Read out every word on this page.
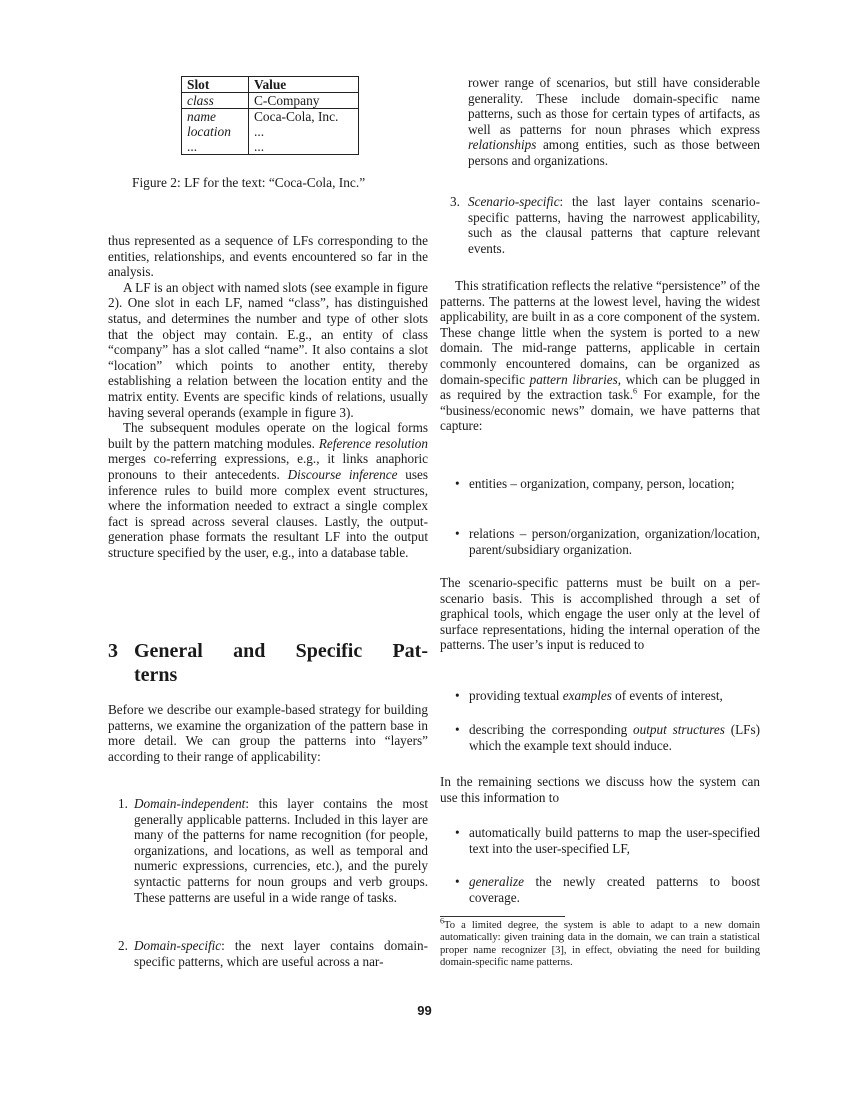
Slot	Value
class	C-Company
name	Coca-Cola, Inc.
location	...
...	...
Figure 2: LF for the text: “Coca-Cola, Inc.”

thus represented as a sequence of LFs corresponding to the entities, relationships, and events encountered so far in the analysis.

A LF is an object with named slots (see example in figure 2). One slot in each LF, named “class”, has distinguished status, and determines the number and type of other slots that the object may contain. E.g., an entity of class “company” has a slot called “name”. It also contains a slot “location” which points to another entity, thereby establishing a relation between the location entity and the matrix entity. Events are specific kinds of relations, usually having several operands (example in figure 3).

The subsequent modules operate on the logical forms built by the pattern matching modules. Reference resolution merges co-referring expressions, e.g., it links anaphoric pronouns to their antecedents. Discourse inference uses inference rules to build more complex event structures, where the information needed to extract a single complex fact is spread across several clauses. Lastly, the output-generation phase formats the resultant LF into the output structure specified by the user, e.g., into a database table.

3 General and Specific Pat-
terns

Before we describe our example-based strategy for building patterns, we examine the organization of the pattern base in more detail. We can group the patterns into “layers” according to their range of applicability:

1. Domain-independent: this layer contains the most generally applicable patterns. Included in this layer are many of the patterns for name recognition (for people, organizations, and locations, as well as temporal and numeric expressions, currencies, etc.), and the purely syntactic patterns for noun groups and verb groups. These patterns are useful in a wide range of tasks.
2. Domain-specific: the next layer contains domain-specific patterns, which are useful across a nar-
rower range of scenarios, but still have considerable generality. These include domain-specific name patterns, such as those for certain types of artifacts, as well as patterns for noun phrases which express relationships among entities, such as those between persons and organizations.
3. Scenario-specific: the last layer contains scenario-specific patterns, having the narrowest applicability, such as the clausal patterns that capture relevant events.

This stratification reflects the relative “persistence” of the patterns. The patterns at the lowest level, having the widest applicability, are built in as a core component of the system. These change little when the system is ported to a new domain. The mid-range patterns, applicable in certain commonly encountered domains, can be organized as domain-specific pattern libraries, which can be plugged in as required by the extraction task.$^6$ For example, for the “business/economic news” domain, we have patterns that capture:

• entities – organization, company, person, location;
• relations – person/organization, organization/location, parent/subsidiary organization.

The scenario-specific patterns must be built on a per-scenario basis. This is accomplished through a set of graphical tools, which engage the user only at the level of surface representations, hiding the internal operation of the patterns. The user’s input is reduced to

• providing textual examples of events of interest,
• describing the corresponding output structures (LFs) which the example text should induce.

In the remaining sections we discuss how the system can use this information to

• automatically build patterns to map the user-specified text into the user-specified LF,
• generalize the newly created patterns to boost coverage.
$^6$To a limited degree, the system is able to adapt to a new domain automatically: given training data in the domain, we can train a statistical proper name recognizer [3], in effect, obviating the need for building domain-specific name patterns.
99
